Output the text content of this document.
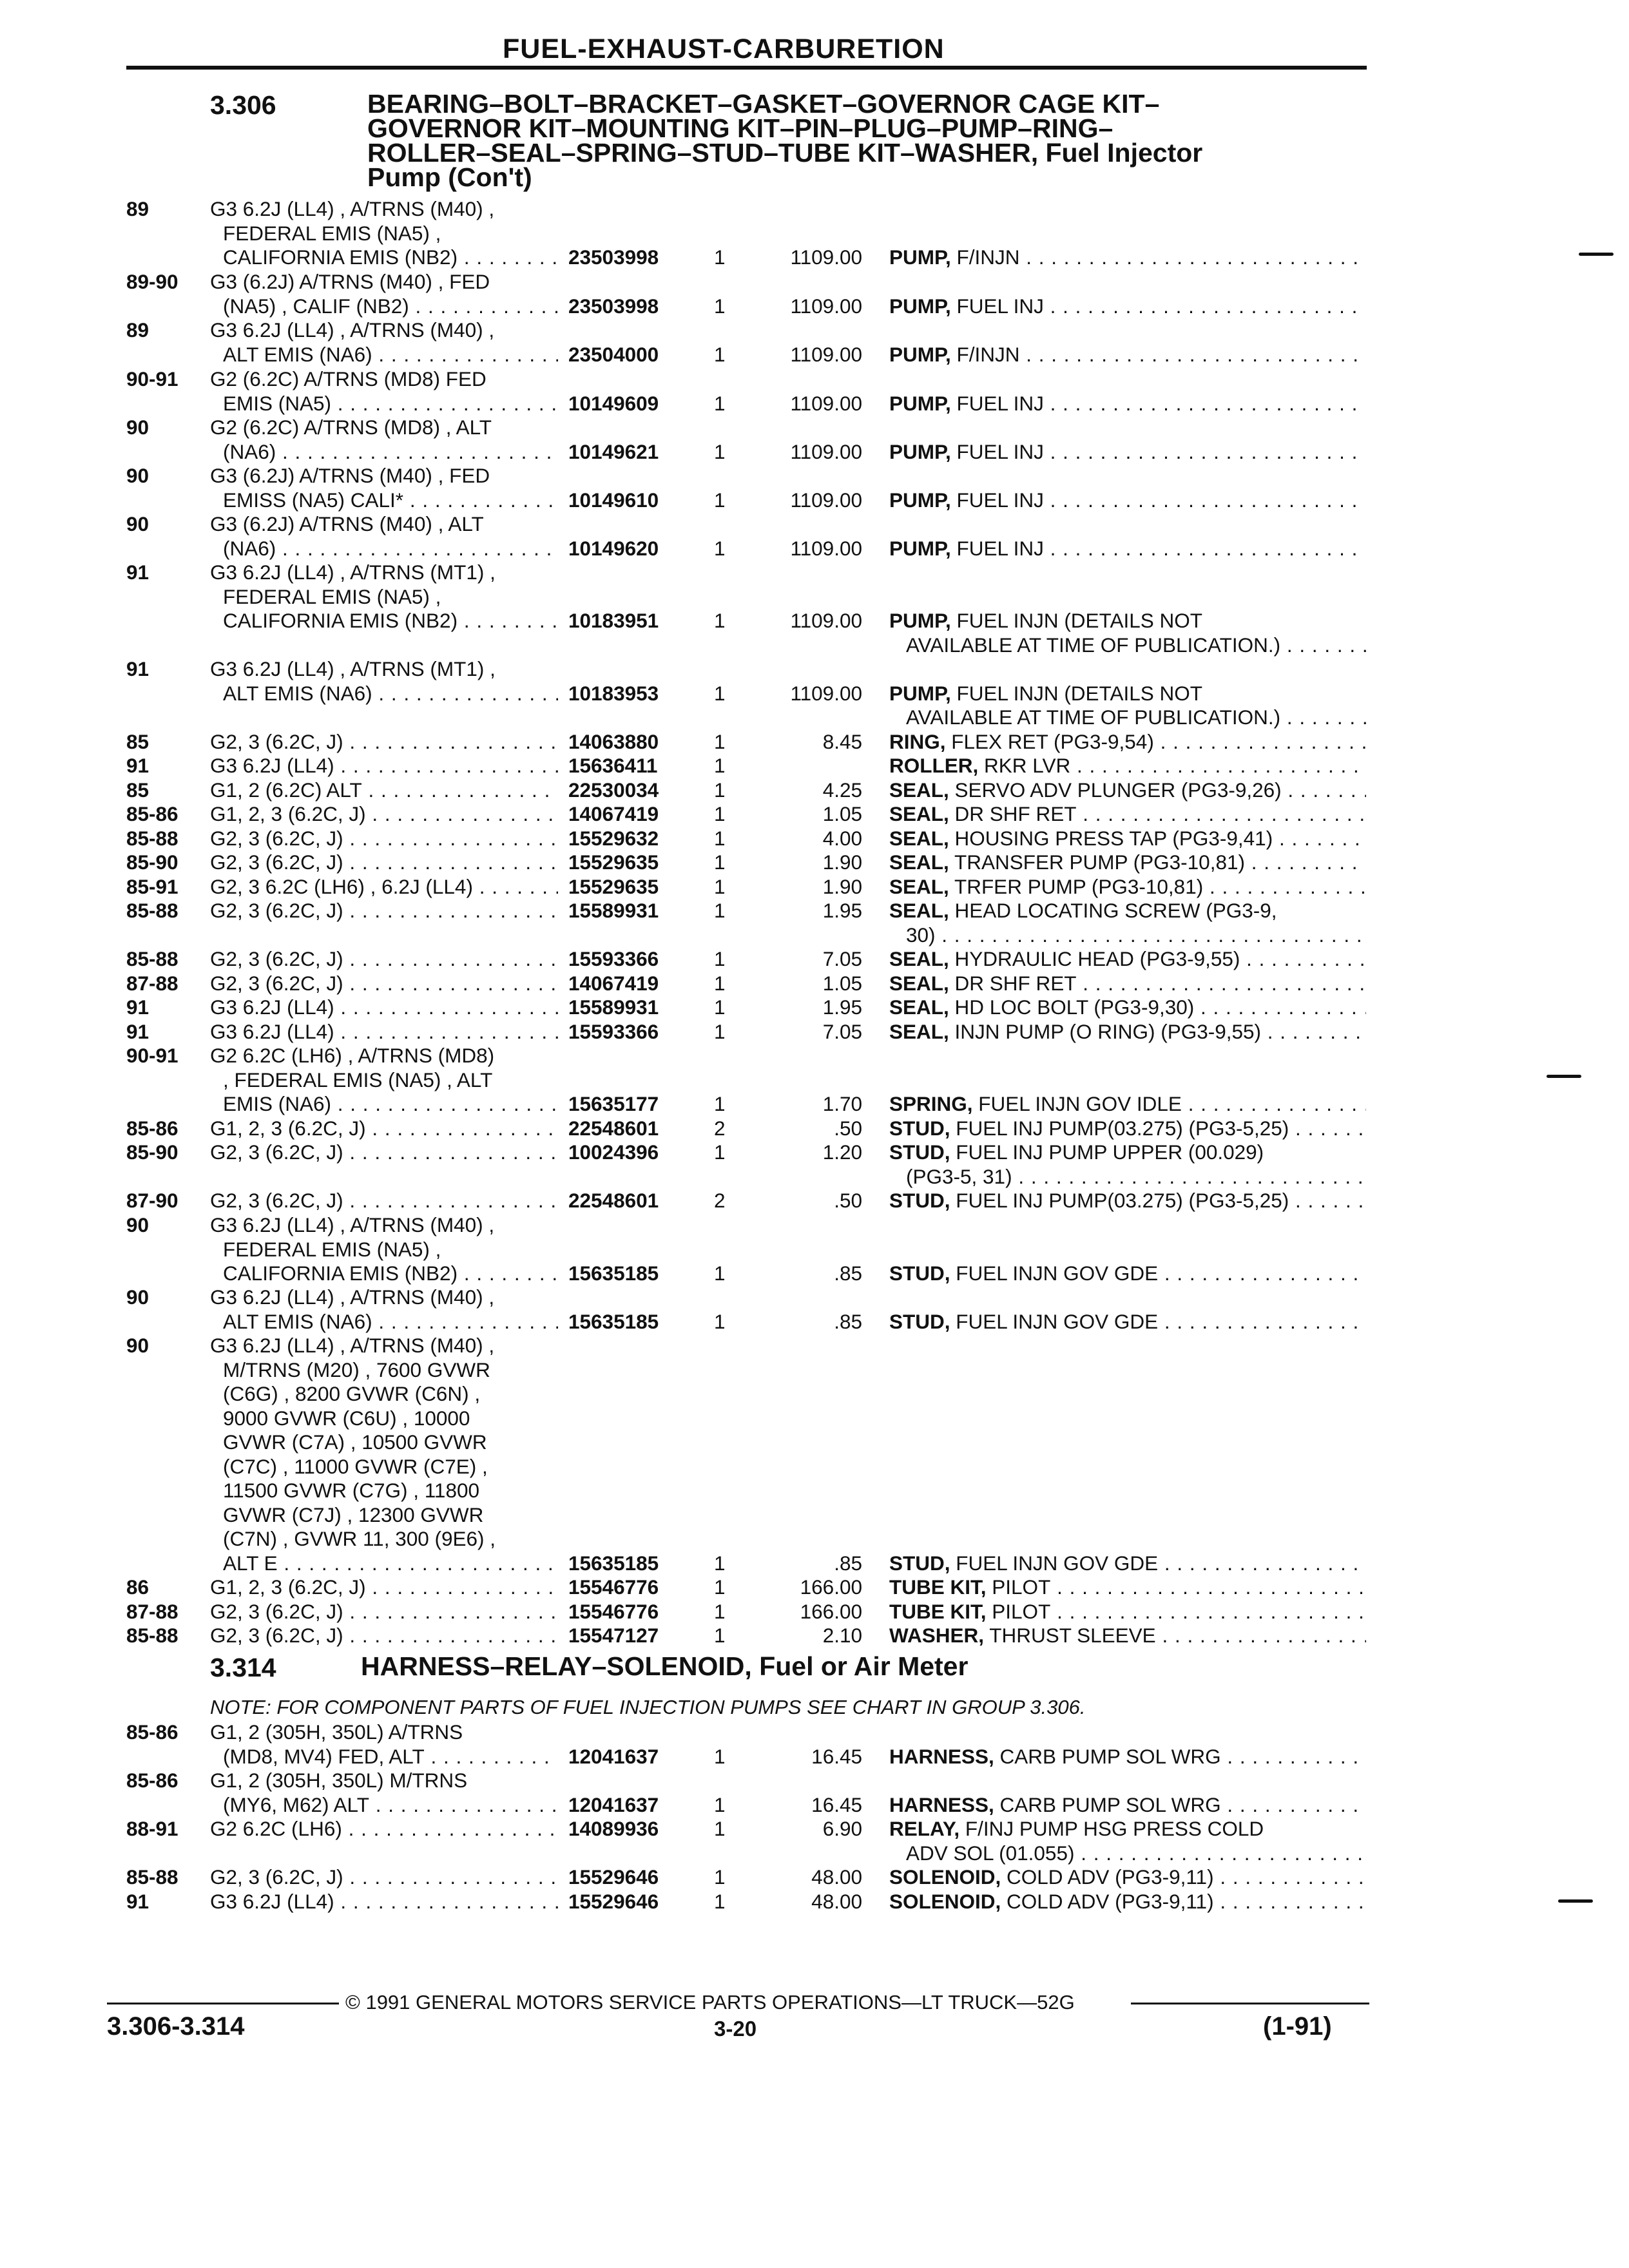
FUEL-EXHAUST-CARBURETION
3.306	BEARING–BOLT–BRACKET–GASKET–GOVERNOR CAGE KIT–
GOVERNOR KIT–MOUNTING KIT–PIN–PLUG–PUMP–RING–
ROLLER–SEAL–SPRING–STUD–TUBE KIT–WASHER, Fuel Injector
Pump (Con't)
89	G3 6.2J (LL4) , A/TRNS (M40) ,
FEDERAL EMIS (NA5) ,
CALIFORNIA EMIS (NB2) . . .	23503998	1	1109.00 PUMP, F/INJN . . .
89-90 G3 (6.2J) A/TRNS (M40) , FED
(NA5) , CALIF (NB2) . . .	23503998	1	1109.00 PUMP, FUEL INJ . . .
89	G3 6.2J (LL4) , A/TRNS (M40) ,
ALT EMIS (NA6) . . .	23504000	1	1109.00 PUMP, F/INJN . . .
90-91 G2 (6.2C) A/TRNS (MD8) FED
EMIS (NA5) . . .	10149609	1	1109.00 PUMP, FUEL INJ . . .
90	G2 (6.2C) A/TRNS (MD8) , ALT
(NA6) . . .	10149621	1	1109.00 PUMP, FUEL INJ . . .
90	G3 (6.2J) A/TRNS (M40) , FED
EMISS (NA5) CALI* . . .	10149610	1	1109.00 PUMP, FUEL INJ . . .
90	G3 (6.2J) A/TRNS (M40) , ALT
(NA6) . . .	10149620	1	1109.00 PUMP, FUEL INJ . . .
91	G3 6.2J (LL4) , A/TRNS (MT1) ,
FEDERAL EMIS (NA5) ,
CALIFORNIA EMIS (NB2) . . .	10183951	1	1109.00 PUMP, FUEL INJN (DETAILS NOT
AVAILABLE AT TIME OF PUBLICATION.) . . .
91	G3 6.2J (LL4) , A/TRNS (MT1) ,
ALT EMIS (NA6) . . .	10183953	1	1109.00 PUMP, FUEL INJN (DETAILS NOT
AVAILABLE AT TIME OF PUBLICATION.) . . .
85	G2, 3 (6.2C, J) . . .	14063880	1	8.45 RING, FLEX RET (PG3-9,54) . . .
91	G3 6.2J (LL4) . . .	15636411	1	ROLLER, RKR LVR . . .
85	G1, 2 (6.2C) ALT . . .	22530034	1	4.25 SEAL, SERVO ADV PLUNGER (PG3-9,26) . . .
85-86 G1, 2, 3 (6.2C, J) . . .	14067419	1	1.05 SEAL, DR SHF RET . . .
85-88 G2, 3 (6.2C, J) . . .	15529632	1	4.00 SEAL, HOUSING PRESS TAP (PG3-9,41) . . .
85-90 G2, 3 (6.2C, J) . . .	15529635	1	1.90 SEAL, TRANSFER PUMP (PG3-10,81) . . .
85-91 G2, 3 6.2C (LH6) , 6.2J (LL4) . . .	15529635	1	1.90 SEAL, TRFER PUMP (PG3-10,81) . . .
85-88 G2, 3 (6.2C, J) . . .	15589931	1	1.95 SEAL, HEAD LOCATING SCREW (PG3-9,
30) . . .
85-88 G2, 3 (6.2C, J) . . .	15593366	1	7.05 SEAL, HYDRAULIC HEAD (PG3-9,55) . . .
87-88 G2, 3 (6.2C, J) . . .	14067419	1	1.05 SEAL, DR SHF RET . . .
91	G3 6.2J (LL4) . . .	15589931	1	1.95 SEAL, HD LOC BOLT (PG3-9,30) . . .
91	G3 6.2J (LL4) . . .	15593366	1	7.05 SEAL, INJN PUMP (O RING) (PG3-9,55) . . .
90-91 G2 6.2C (LH6) , A/TRNS (MD8)
, FEDERAL EMIS (NA5) , ALT
EMIS (NA6) . . .	15635177	1	1.70 SPRING, FUEL INJN GOV IDLE . . .
85-86 G1, 2, 3 (6.2C, J) . . .	22548601	2	.50 STUD, FUEL INJ PUMP(03.275) (PG3-5,25) . . .
85-90 G2, 3 (6.2C, J) . . .	10024396	1	1.20 STUD, FUEL INJ PUMP UPPER (00.029)
(PG3-5, 31) . . .
87-90 G2, 3 (6.2C, J) . . .	22548601	2	.50 STUD, FUEL INJ PUMP(03.275) (PG3-5,25) . . .
90	G3 6.2J (LL4) , A/TRNS (M40) ,
FEDERAL EMIS (NA5) ,
CALIFORNIA EMIS (NB2) . . .	15635185	1	.85 STUD, FUEL INJN GOV GDE . . .
90	G3 6.2J (LL4) , A/TRNS (M40) ,
ALT EMIS (NA6) . . .	15635185	1	.85 STUD, FUEL INJN GOV GDE . . .
90	G3 6.2J (LL4) , A/TRNS (M40) ,
M/TRNS (M20) , 7600 GVWR
(C6G) , 8200 GVWR (C6N) ,
9000 GVWR (C6U) , 10000
GVWR (C7A) , 10500 GVWR
(C7C) , 11000 GVWR (C7E) ,
11500 GVWR (C7G) , 11800
GVWR (C7J) , 12300 GVWR
(C7N) , GVWR 11, 300 (9E6) ,
ALT E . . .	15635185	1	.85 STUD, FUEL INJN GOV GDE . . .
86	G1, 2, 3 (6.2C, J) . . .	15546776	1	166.00 TUBE KIT, PILOT . . .
87-88 G2, 3 (6.2C, J) . . .	15546776	1	166.00 TUBE KIT, PILOT . . .
85-88 G2, 3 (6.2C, J) . . .	15547127	1	2.10 WASHER, THRUST SLEEVE . . .
85-86 G1, 2 (305H, 350L) A/TRNS
(MD8, MV4) FED, ALT . . .	12041637	1	16.45 HARNESS, CARB PUMP SOL WRG . . .
85-86 G1, 2 (305H, 350L) M/TRNS
(MY6, M62) ALT . . .	12041637	1	16.45 HARNESS, CARB PUMP SOL WRG . . .
88-91 G2 6.2C (LH6) . . .	14089936	1	6.90 RELAY, F/INJ PUMP HSG PRESS COLD
ADV SOL (01.055) . . .
85-88 G2, 3 (6.2C, J) . . .	15529646	1	48.00 SOLENOID, COLD ADV (PG3-9,11) . . .
91	G3 6.2J (LL4) . . .	15529646	1	48.00 SOLENOID, COLD ADV (PG3-9,11) . . .
3.314	HARNESS–RELAY–SOLENOID, Fuel or Air Meter
NOTE: FOR COMPONENT PARTS OF FUEL INJECTION PUMPS SEE CHART IN GROUP 3.306.
© 1991 GENERAL MOTORS SERVICE PARTS OPERATIONS—LT TRUCK—52G
3.306-3.314	3-20	(1-91)
